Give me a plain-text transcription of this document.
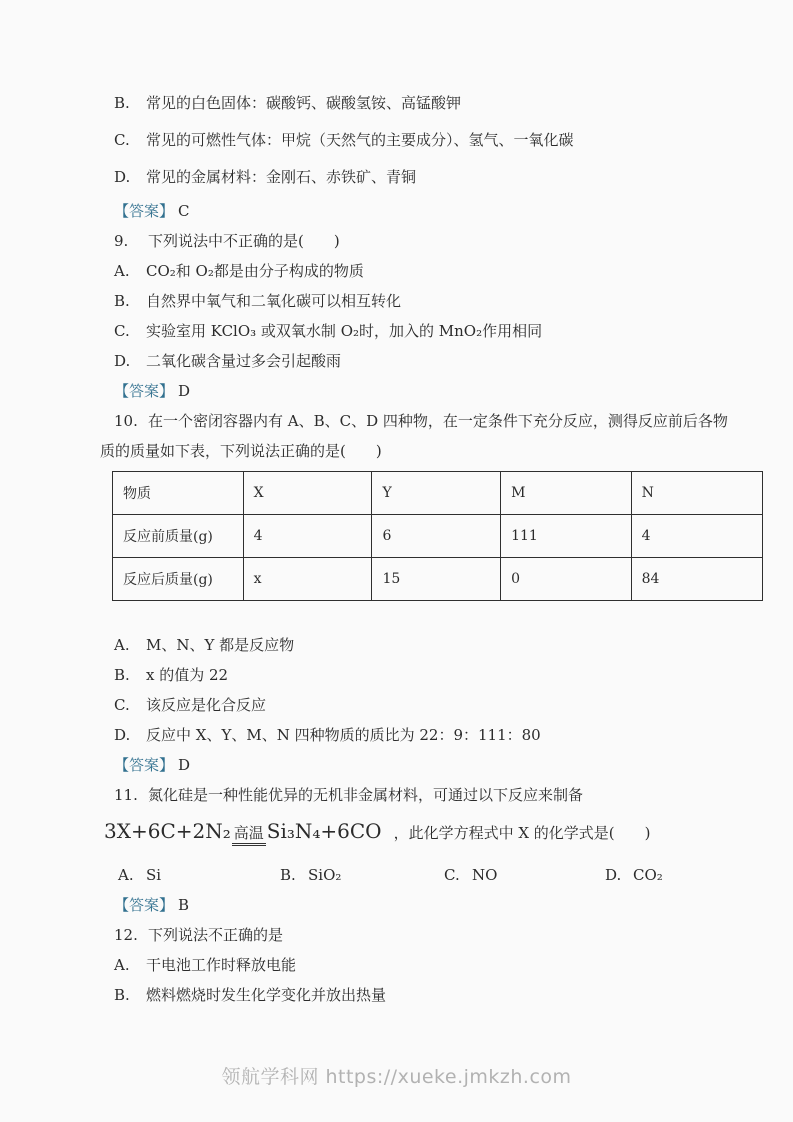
B. 常见的白色固体：碳酸钙、碳酸氢铵、高锰酸钾
C. 常见的可燃性气体：甲烷（天然气的主要成分）、氢气、一氧化碳
D. 常见的金属材料：金刚石、赤铁矿、青铜
【答案】 C
9. 下列说法中不正确的是(　　)
A. CO₂和 O₂都是由分子构成的物质
B. 自然界中氧气和二氧化碳可以相互转化
C. 实验室用 KClO₃ 或双氧水制 O₂时，加入的 MnO₂作用相同
D. 二氧化碳含量过多会引起酸雨
【答案】 D
10. 在一个密闭容器内有 A、B、C、D 四种物，在一定条件下充分反应，测得反应前后各物
质的质量如下表，下列说法正确的是(　　)
物质	X	Y	M	N
反应前质量(g)	4	6	111	4
反应后质量(g)	x	15	0	84
A. M、N、Y 都是反应物
B. x 的值为 22
C. 该反应是化合反应
D. 反应中 X、Y、M、N 四种物质的质比为 22：9：111：80
【答案】 D
11. 氮化硅是一种性能优异的无机非金属材料，可通过以下反应来制备
3X+6C+2N₂ 高温 Si₃N₄+6CO ，此化学方程式中 X 的化学式是(　　)
A. Si	B. SiO₂	C. NO	D. CO₂
【答案】 B
12. 下列说法不正确的是
A. 干电池工作时释放电能
B. 燃料燃烧时发生化学变化并放出热量
领航学科网 https://xueke.jmkzh.com
